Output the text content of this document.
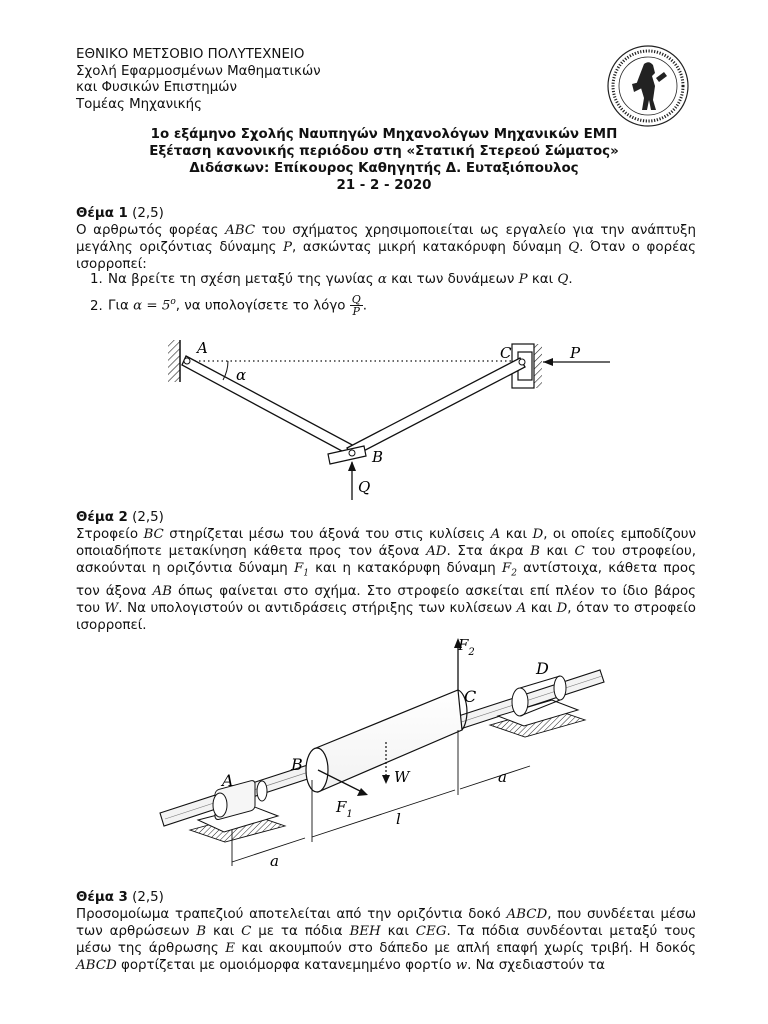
ΕΘΝΙΚΟ ΜΕΤΣΟΒΙΟ ΠΟΛΥΤΕΧΝΕΙΟ
Σχολή Εφαρμοσμένων Μαθηματικών
και Φυσικών Επιστημών
Τομέας Μηχανικής
1ο εξάμηνο Σχολής Ναυπηγών Μηχανολόγων Μηχανικών ΕΜΠ
Εξέταση κανονικής περιόδου στη «Στατική Στερεού Σώματος»
Διδάσκων: Επίκουρος Καθηγητής Δ. Ευταξιόπουλος
21 - 2 - 2020
Θέμα 1 (2,5)
Ο αρθρωτός φορέας ABC του σχήματος χρησιμοποιείται ως εργαλείο για την ανάπτυξη μεγάλης οριζόντιας δύναμης P, ασκώντας μικρή κατακόρυφη δύναμη Q. Όταν ο φορέας ισορροπεί:
1. Να βρείτε τη σχέση μεταξύ της γωνίας α και των δυνάμεων P και Q.
2. Για $\alpha = 5^o$, να υπολογίσετε το λόγο $\frac{Q}{P}$ .
A
α
B
C	P
Q
Θέμα 2 (2,5)
Στροφείο BC στηρίζεται μέσω του άξονά του στις κυλίσεις A και D, οι οποίες εμποδίζουν οποιαδήποτε μετακίνηση κάθετα προς τον άξονα AD. Στα άκρα B και C του στροφείου, ασκούνται η οριζόντια δύναμη $F_1$ και η κατακόρυφη δύναμη $F_2$ αντίστοιχα, κάθετα προς τον άξονα AB όπως φαίνεται στο σχήμα. Στο στροφείο ασκείται επί πλέον το ίδιο βάρος του W. Να υπολογιστούν οι αντιδράσεις στήριξης των κυλίσεων A και D, όταν το στροφείο ισορροπεί.
A
B
C
D
$F_2$
$F_1$
W
l
a
a
Θέμα 3 (2,5)
Προσομοίωμα τραπεζιού αποτελείται από την οριζόντια δοκό ABCD, που συνδέεται μέσω των αρθρώσεων B και C με τα πόδια BEH και CEG. Τα πόδια συνδέονται μεταξύ τους μέσω της άρθρωσης E και ακουμπούν στο δάπεδο με απλή επαφή χωρίς τριβή. Η δοκός ABCD φορτίζεται με ομοιόμορφα κατανεμημένο φορτίο w. Να σχεδιαστούν τα
